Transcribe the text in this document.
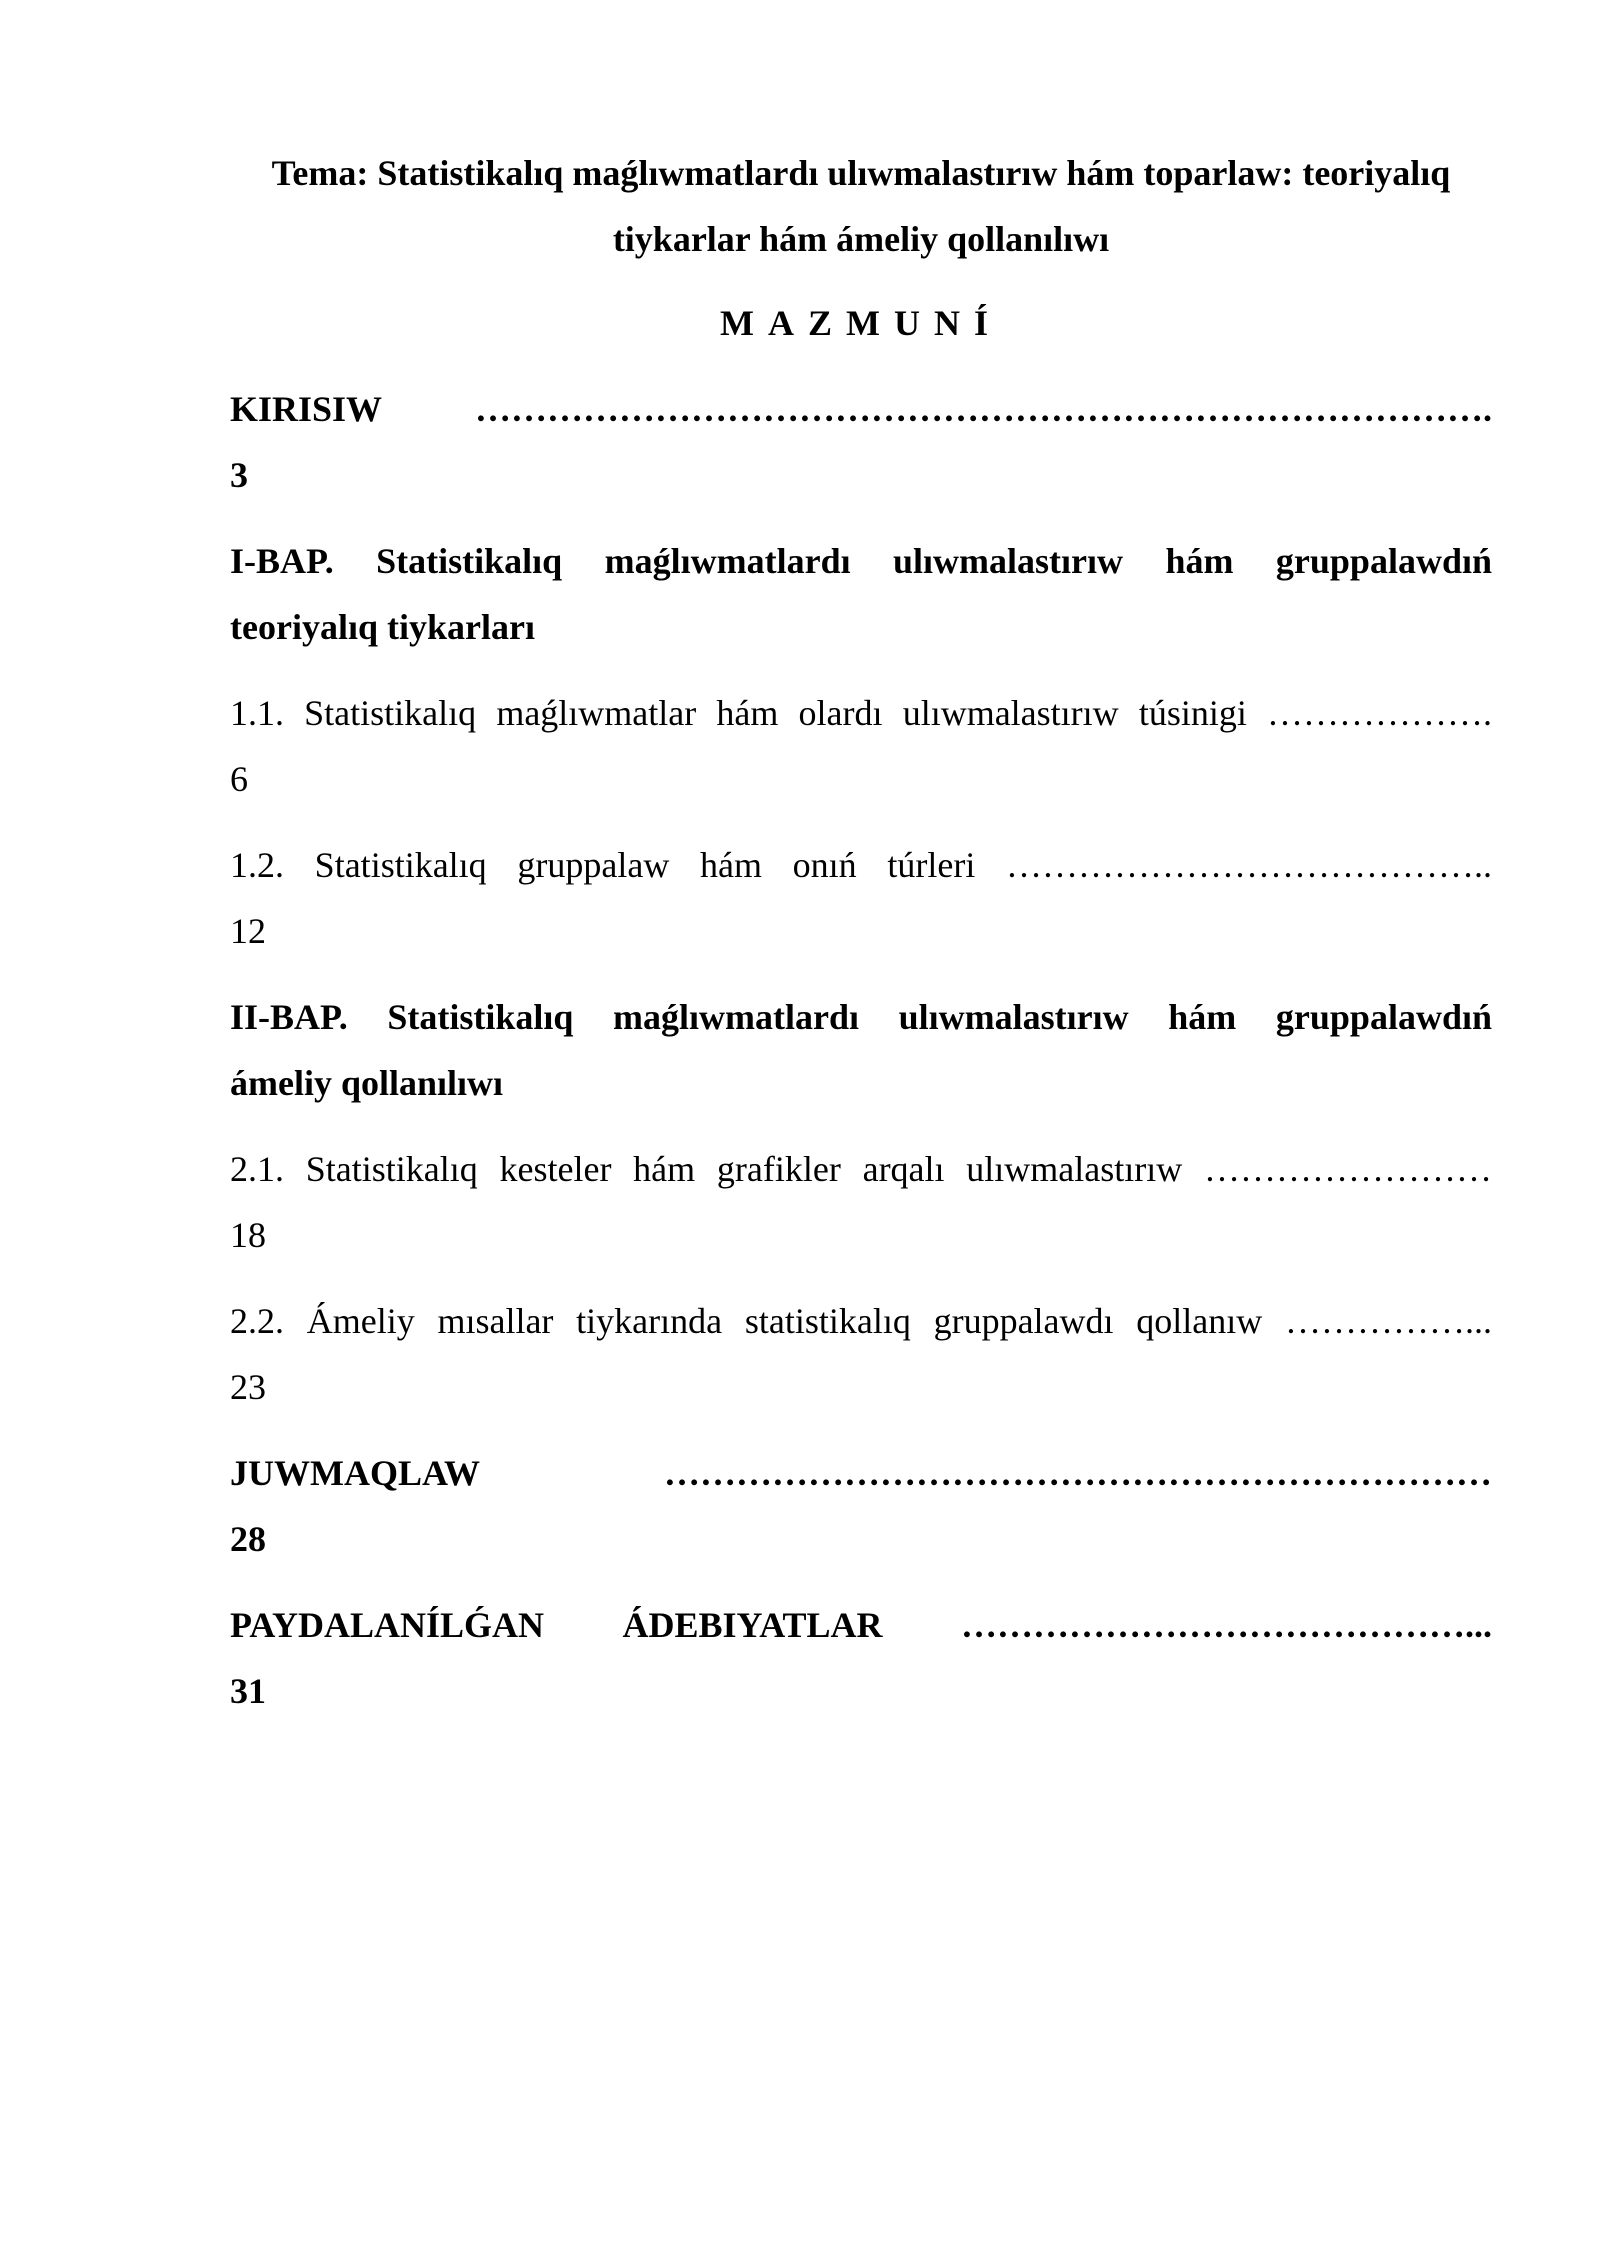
Tema: Statistikalıq maǵlıwmatlardı ulıwmalastırıw hám toparlaw: teoriyalıq
tiykarlar hám ámeliy qollanılıwı

MAZMUNÍ

KIRISIW ………………………………………………………………………….
3
I-BAP. Statistikalıq maǵlıwmatlardı ulıwmalastırıw hám gruppalawdıń
teoriyalıq tiykarları
1.1. Statistikalıq maǵlıwmatlar hám olardı ulıwmalastırıw túsinigi ……………….
6
1.2. Statistikalıq gruppalaw hám onıń túrleri …………………………………..
12
II-BAP. Statistikalıq maǵlıwmatlardı ulıwmalastırıw hám gruppalawdıń
ámeliy qollanılıwı
2.1. Statistikalıq kesteler hám grafikler arqalı ulıwmalastırıw ……………………
18
2.2. Ámeliy mısallar tiykarında statistikalıq gruppalawdı qollanıw ……………...
23
JUWMAQLAW ……………………………………………………………
28
PAYDALANÍLǴAN ÁDEBIYATLAR ……………………………………...
31
